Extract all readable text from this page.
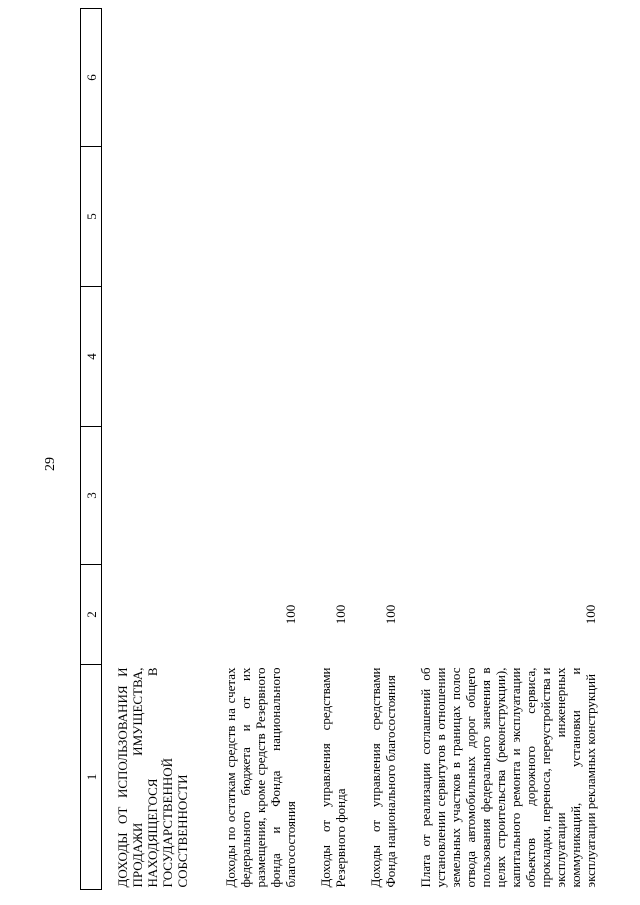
29
1	2	3	4	5	6
ДОХОДЫ ОТ ИСПОЛЬЗОВАНИЯ И ПРОДАЖИ ИМУЩЕСТВА, НАХОДЯЩЕГОСЯ В ГОСУДАРСТВЕННОЙ СОБСТВЕННОСТИ					
Доходы по остаткам средств на счетах федерального бюджета и от их размещения, кроме средств Резервного фонда и Фонда национального благосостояния	100				
Доходы от управления средствами Резервного фонда	100				
Доходы от управления средствами Фонда национального благосостояния	100				
Плата от реализации соглашений об установлении сервитутов в отношении земельных участков в границах полос отвода автомобильных дорог общего пользования федерального значения в целях строительства (реконструкции), капитального ремонта и эксплуатации объектов дорожного сервиса, прокладки, переноса, переустройства и эксплуатации инженерных коммуникаций, установки и эксплуатации рекламных конструкций	100				
